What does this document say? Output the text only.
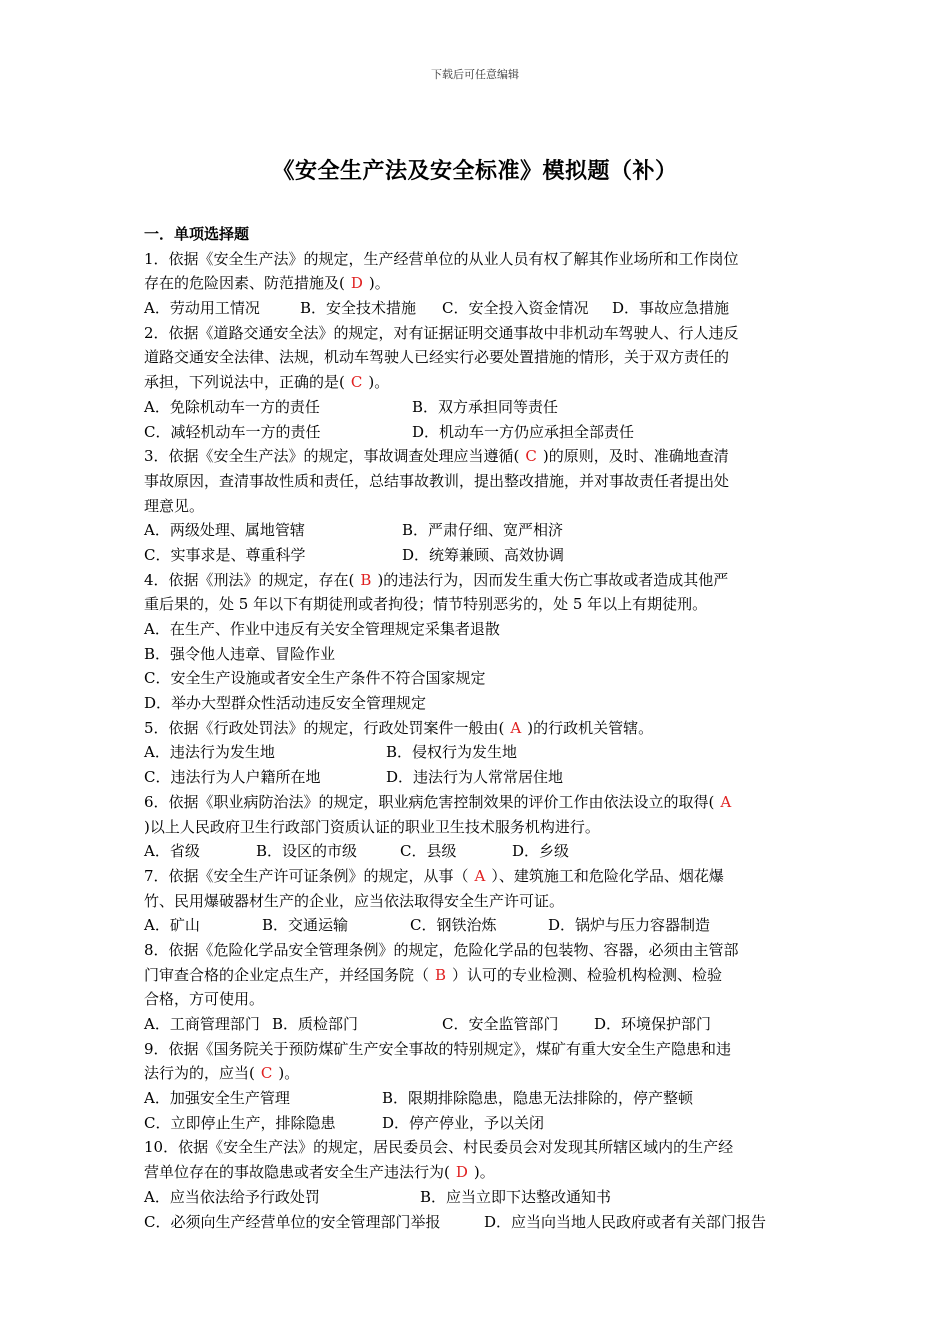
下载后可任意编辑
《安全生产法及安全标准》模拟题（补）
一．单项选择题
1．依据《安全生产法》的规定，生产经营单位的从业人员有权了解其作业场所和工作岗位
存在的危险因素、防范措施及( D )。
A．劳动用工情况	B．安全技术措施 C．安全投入资金情况 D．事故应急措施
2．依据《道路交通安全法》的规定，对有证据证明交通事故中非机动车驾驶人、行人违反
道路交通安全法律、法规，机动车驾驶人已经实行必要处置措施的情形，关于双方责任的
承担，下列说法中，正确的是( C )。
A．免除机动车一方的责任	B．双方承担同等责任
C．减轻机动车一方的责任	D．机动车一方仍应承担全部责任
3．依据《安全生产法》的规定，事故调查处理应当遵循( C )的原则，及时、准确地查清
事故原因，查清事故性质和责任，总结事故教训，提出整改措施，并对事故责任者提出处
理意见。
A．两级处理、属地管辖	B．严肃仔细、宽严相济
C．实事求是、尊重科学	D．统筹兼顾、高效协调
4．依据《刑法》的规定，存在( B )的违法行为，因而发生重大伤亡事故或者造成其他严
重后果的，处 5 年以下有期徒刑或者拘役；情节特别恶劣的，处 5 年以上有期徒刑。
A．在生产、作业中违反有关安全管理规定采集者退散
B．强令他人违章、冒险作业
C．安全生产设施或者安全生产条件不符合国家规定
D．举办大型群众性活动违反安全管理规定
5．依据《行政处罚法》的规定，行政处罚案件一般由( A )的行政机关管辖。
A．违法行为发生地	B．侵权行为发生地
C．违法行为人户籍所在地	D．违法行为人常常居住地
6．依据《职业病防治法》的规定，职业病危害控制效果的评价工作由依法设立的取得( A
)以上人民政府卫生行政部门资质认证的职业卫生技术服务机构进行。
A．省级	B．设区的市级	C．县级	D．乡级
7．依据《安全生产许可证条例》的规定，从事（ A ）、建筑施工和危险化学品、烟花爆
竹、民用爆破器材生产的企业，应当依法取得安全生产许可证。
A．矿山	B．交通运输	C．钢铁治炼	D．锅炉与压力容器制造
8．依据《危险化学品安全管理条例》的规定，危险化学品的包装物、容器，必须由主管部
门审查合格的企业定点生产，并经国务院（ B ）认可的专业检测、检验机构检测、检验
合格，方可使用。
A．工商管理部门 B．质检部门	C．安全监管部门 D．环境保护部门
9．依据《国务院关于预防煤矿生产安全事故的特别规定》，煤矿有重大安全生产隐患和违
法行为的，应当( C )。
A．加强安全生产管理	B．限期排除隐患，隐患无法排除的，停产整顿
C．立即停止生产，排除隐患	D．停产停业，予以关闭
10．依据《安全生产法》的规定，居民委员会、村民委员会对发现其所辖区域内的生产经
营单位存在的事故隐患或者安全生产违法行为( D )。
A．应当依法给予行政处罚	B．应当立即下达整改通知书
C．必须向生产经营单位的安全管理部门举报	D．应当向当地人民政府或者有关部门报告
